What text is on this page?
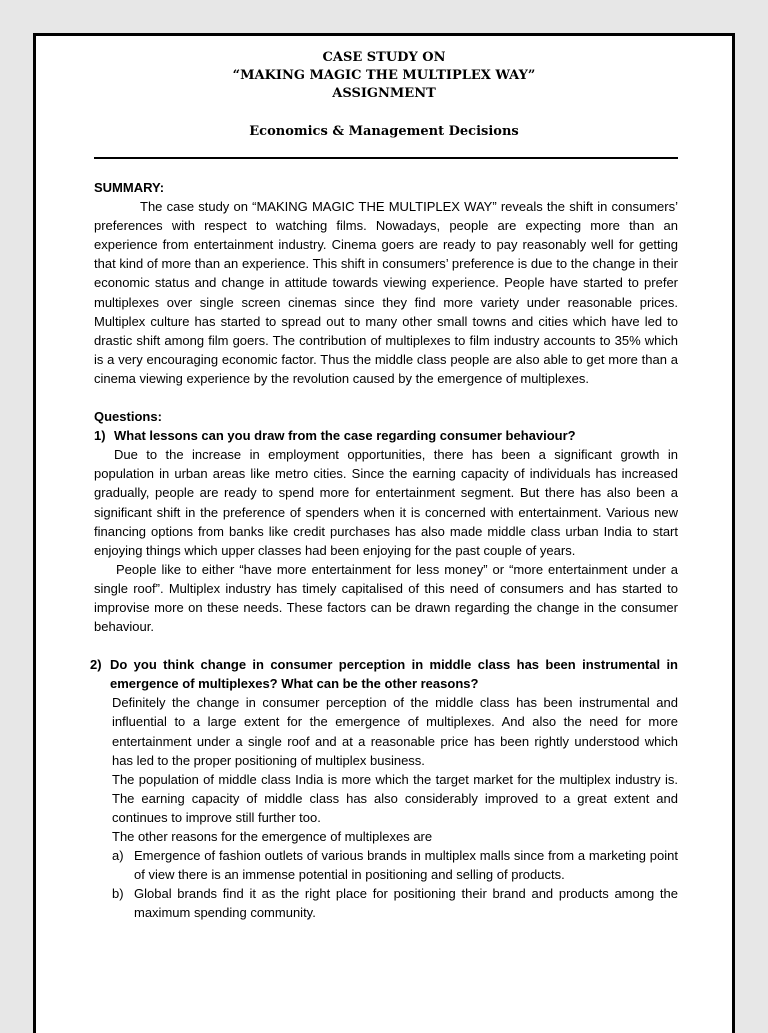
CASE STUDY ON
“MAKING MAGIC THE MULTIPLEX WAY”
ASSIGNMENT
Economics & Management Decisions

SUMMARY:

The case study on “MAKING MAGIC THE MULTIPLEX WAY” reveals the shift in consumers’ preferences with respect to watching films. Nowadays, people are expecting more than an experience from entertainment industry. Cinema goers are ready to pay reasonably well for getting that kind of more than an experience. This shift in consumers’ preference is due to the change in their economic status and change in attitude towards viewing experience. People have started to prefer multiplexes over single screen cinemas since they find more variety under reasonable prices. Multiplex culture has started to spread out to many other small towns and cities which have led to drastic shift among film goers. The contribution of multiplexes to film industry accounts to 35% which is a very encouraging economic factor. Thus the middle class people are also able to get more than a cinema viewing experience by the revolution caused by the emergence of multiplexes.

Questions:

1) What lessons can you draw from the case regarding consumer behaviour?

Due to the increase in employment opportunities, there has been a significant growth in population in urban areas like metro cities. Since the earning capacity of individuals has increased gradually, people are ready to spend more for entertainment segment. But there has also been a significant shift in the preference of spenders when it is concerned with entertainment. Various new financing options from banks like credit purchases has also made middle class urban India to start enjoying things which upper classes had been enjoying for the past couple of years.

People like to either “have more entertainment for less money” or “more entertainment under a single roof”. Multiplex industry has timely capitalised of this need of consumers and has started to improvise more on these needs. These factors can be drawn regarding the change in the consumer behaviour.

2) Do you think change in consumer perception in middle class has been instrumental in emergence of multiplexes? What can be the other reasons?

Definitely the change in consumer perception of the middle class has been instrumental and influential to a large extent for the emergence of multiplexes. And also the need for more entertainment under a single roof and at a reasonable price has been rightly understood which has led to the proper positioning of multiplex business.

The population of middle class India is more which the target market for the multiplex industry is. The earning capacity of middle class has also considerably improved to a great extent and continues to improve still further too.

The other reasons for the emergence of multiplexes are

a) Emergence of fashion outlets of various brands in multiplex malls since from a marketing point of view there is an immense potential in positioning and selling of products.
b) Global brands find it as the right place for positioning their brand and products among the maximum spending community.
